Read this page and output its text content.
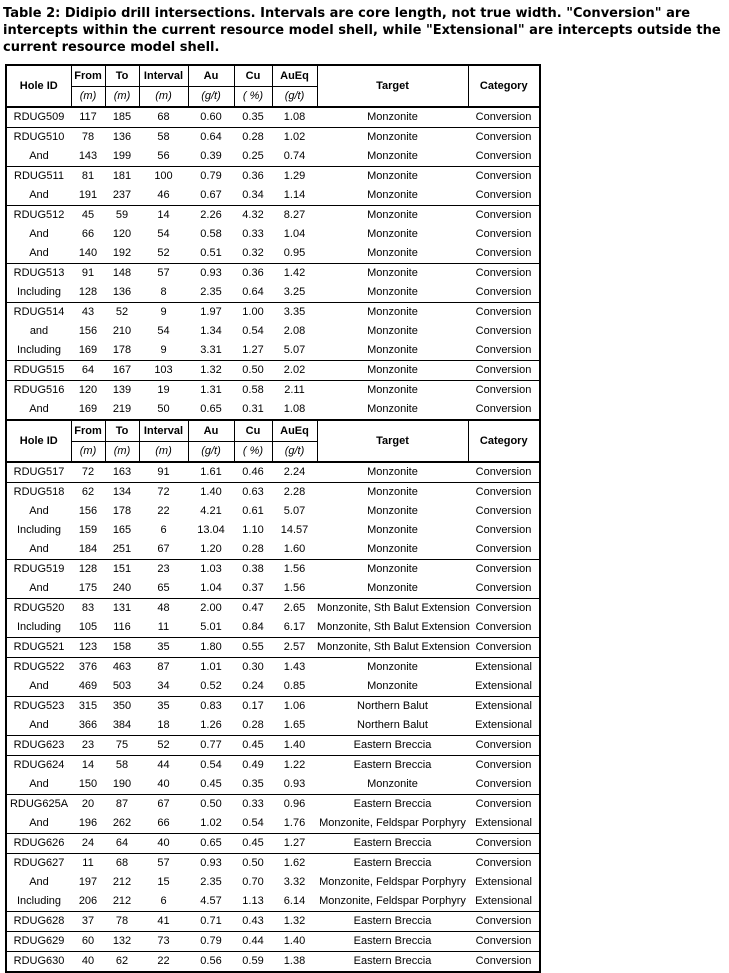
Table 2: Didipio drill intersections. Intervals are core length, not true width. "Conversion" are
intercepts within the current resource model shell, while "Extensional" are intercepts outside the
current resource model shell.
Hole ID	From	To	Interval	Au	Cu	AuEq	Target	Category
	(m)	(m)	(m)	(g/t)	( %)	(g/t)		
RDUG509	117	185	68	0.60	0.35	1.08	Monzonite	Conversion
RDUG510	78	136	58	0.64	0.28	1.02	Monzonite	Conversion
And	143	199	56	0.39	0.25	0.74	Monzonite	Conversion
RDUG511	81	181	100	0.79	0.36	1.29	Monzonite	Conversion
And	191	237	46	0.67	0.34	1.14	Monzonite	Conversion
RDUG512	45	59	14	2.26	4.32	8.27	Monzonite	Conversion
And	66	120	54	0.58	0.33	1.04	Monzonite	Conversion
And	140	192	52	0.51	0.32	0.95	Monzonite	Conversion
RDUG513	91	148	57	0.93	0.36	1.42	Monzonite	Conversion
Including	128	136	8	2.35	0.64	3.25	Monzonite	Conversion
RDUG514	43	52	9	1.97	1.00	3.35	Monzonite	Conversion
and	156	210	54	1.34	0.54	2.08	Monzonite	Conversion
Including	169	178	9	3.31	1.27	5.07	Monzonite	Conversion
RDUG515	64	167	103	1.32	0.50	2.02	Monzonite	Conversion
RDUG516	120	139	19	1.31	0.58	2.11	Monzonite	Conversion
And	169	219	50	0.65	0.31	1.08	Monzonite	Conversion
Hole ID	From	To	Interval	Au	Cu	AuEq	Target	Category
	(m)	(m)	(m)	(g/t)	( %)	(g/t)		
RDUG517	72	163	91	1.61	0.46	2.24	Monzonite	Conversion
RDUG518	62	134	72	1.40	0.63	2.28	Monzonite	Conversion
And	156	178	22	4.21	0.61	5.07	Monzonite	Conversion
Including	159	165	6	13.04	1.10	14.57	Monzonite	Conversion
And	184	251	67	1.20	0.28	1.60	Monzonite	Conversion
RDUG519	128	151	23	1.03	0.38	1.56	Monzonite	Conversion
And	175	240	65	1.04	0.37	1.56	Monzonite	Conversion
RDUG520	83	131	48	2.00	0.47	2.65	Monzonite, Sth Balut Extension	Conversion
Including	105	116	11	5.01	0.84	6.17	Monzonite, Sth Balut Extension	Conversion
RDUG521	123	158	35	1.80	0.55	2.57	Monzonite, Sth Balut Extension	Conversion
RDUG522	376	463	87	1.01	0.30	1.43	Monzonite	Extensional
And	469	503	34	0.52	0.24	0.85	Monzonite	Extensional
RDUG523	315	350	35	0.83	0.17	1.06	Northern Balut	Extensional
And	366	384	18	1.26	0.28	1.65	Northern Balut	Extensional
RDUG623	23	75	52	0.77	0.45	1.40	Eastern Breccia	Conversion
RDUG624	14	58	44	0.54	0.49	1.22	Eastern Breccia	Conversion
And	150	190	40	0.45	0.35	0.93	Monzonite	Conversion
RDUG625A	20	87	67	0.50	0.33	0.96	Eastern Breccia	Conversion
And	196	262	66	1.02	0.54	1.76	Monzonite, Feldspar Porphyry	Extensional
RDUG626	24	64	40	0.65	0.45	1.27	Eastern Breccia	Conversion
RDUG627	11	68	57	0.93	0.50	1.62	Eastern Breccia	Conversion
And	197	212	15	2.35	0.70	3.32	Monzonite, Feldspar Porphyry	Extensional
Including	206	212	6	4.57	1.13	6.14	Monzonite, Feldspar Porphyry	Extensional
RDUG628	37	78	41	0.71	0.43	1.32	Eastern Breccia	Conversion
RDUG629	60	132	73	0.79	0.44	1.40	Eastern Breccia	Conversion
RDUG630	40	62	22	0.56	0.59	1.38	Eastern Breccia	Conversion
